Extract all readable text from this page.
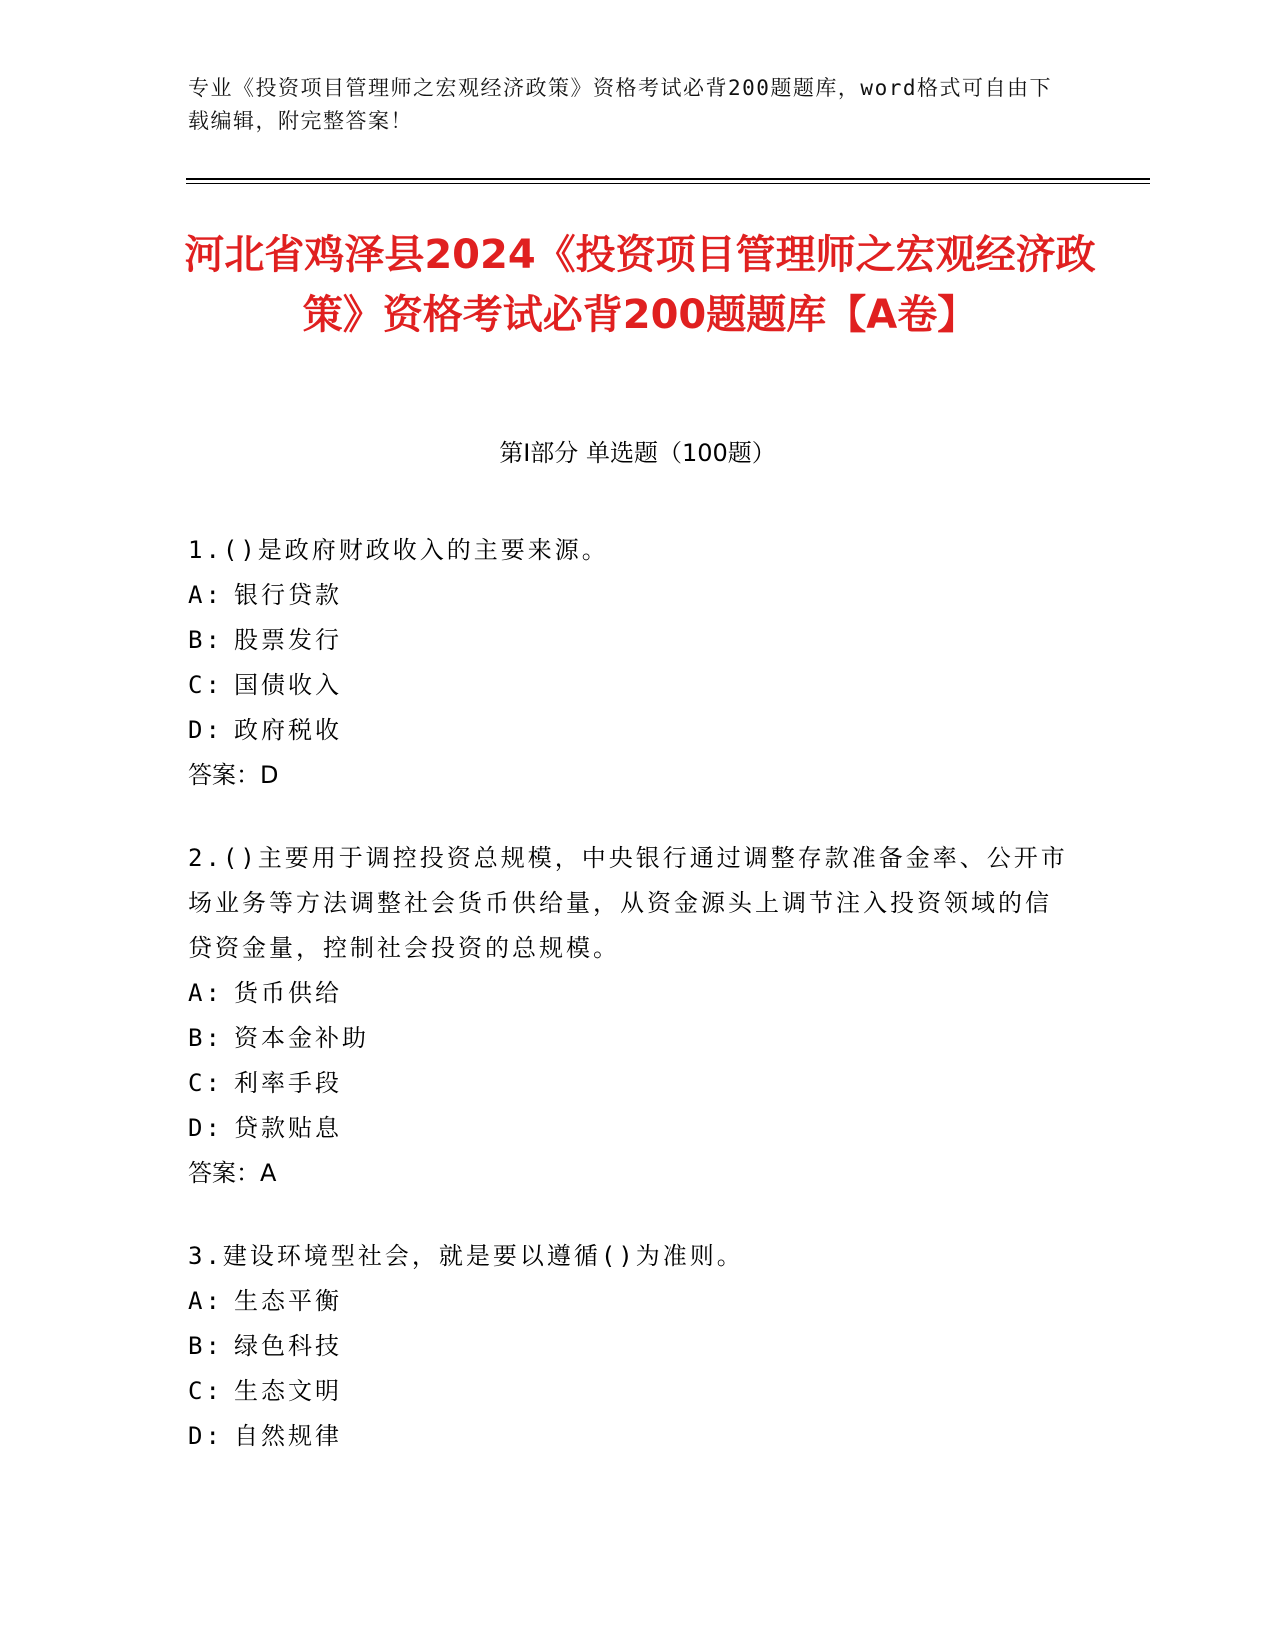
专业《投资项目管理师之宏观经济政策》资格考试必背200题题库，word格式可自由下载编辑，附完整答案！
河北省鸡泽县2024《投资项目管理师之宏观经济政策》资格考试必背200题题库【A卷】
第Ⅰ部分 单选题（100题）
1.()是政府财政收入的主要来源。
A: 银行贷款
B: 股票发行
C: 国债收入
D: 政府税收
答案：D
2.()主要用于调控投资总规模，中央银行通过调整存款准备金率、公开市场业务等方法调整社会货币供给量，从资金源头上调节注入投资领域的信贷资金量，控制社会投资的总规模。
A: 货币供给
B: 资本金补助
C: 利率手段
D: 贷款贴息
答案：A
3.建设环境型社会，就是要以遵循()为准则。
A: 生态平衡
B: 绿色科技
C: 生态文明
D: 自然规律
